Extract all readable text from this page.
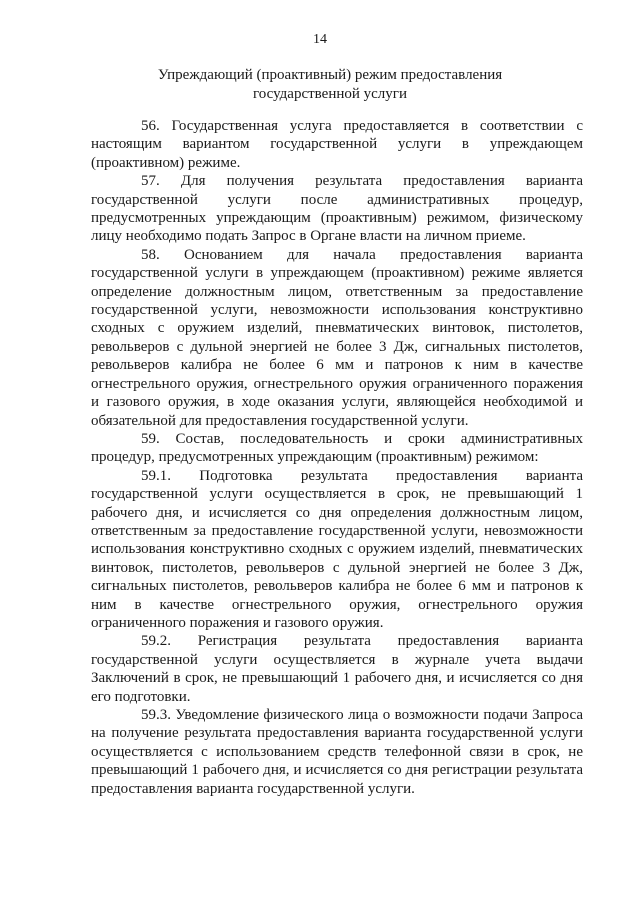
14
Упреждающий (проактивный) режим предоставления
государственной услуги

56. Государственная услуга предоставляется в соответствии с настоящим вариантом государственной услуги в упреждающем (проактивном) режиме.

57. Для получения результата предоставления варианта государственной услуги после административных процедур, предусмотренных упреждающим (проактивным) режимом, физическому лицу необходимо подать Запрос в Органе власти на личном приеме.

58. Основанием для начала предоставления варианта государственной услуги в упреждающем (проактивном) режиме является определение должностным лицом, ответственным за предоставление государственной услуги, невозможности использования конструктивно сходных с оружием изделий, пневматических винтовок, пистолетов, револьверов с дульной энергией не более 3 Дж, сигнальных пистолетов, револьверов калибра не более 6 мм и патронов к ним в качестве огнестрельного оружия, огнестрельного оружия ограниченного поражения и газового оружия, в ходе оказания услуги, являющейся необходимой и обязательной для предоставления государственной услуги.

59. Состав, последовательность и сроки административных процедур, предусмотренных упреждающим (проактивным) режимом:

59.1. Подготовка результата предоставления варианта государственной услуги осуществляется в срок, не превышающий 1 рабочего дня, и исчисляется со дня определения должностным лицом, ответственным за предоставление государственной услуги, невозможности использования конструктивно сходных с оружием изделий, пневматических винтовок, пистолетов, револьверов с дульной энергией не более 3 Дж, сигнальных пистолетов, револьверов калибра не более 6 мм и патронов к ним в качестве огнестрельного оружия, огнестрельного оружия ограниченного поражения и газового оружия.

59.2. Регистрация результата предоставления варианта государственной услуги осуществляется в журнале учета выдачи Заключений в срок, не превышающий 1 рабочего дня, и исчисляется со дня его подготовки.

59.3. Уведомление физического лица о возможности подачи Запроса на получение результата предоставления варианта государственной услуги осуществляется с использованием средств телефонной связи в срок, не превышающий 1 рабочего дня, и исчисляется со дня регистрации результата предоставления варианта государственной услуги.
